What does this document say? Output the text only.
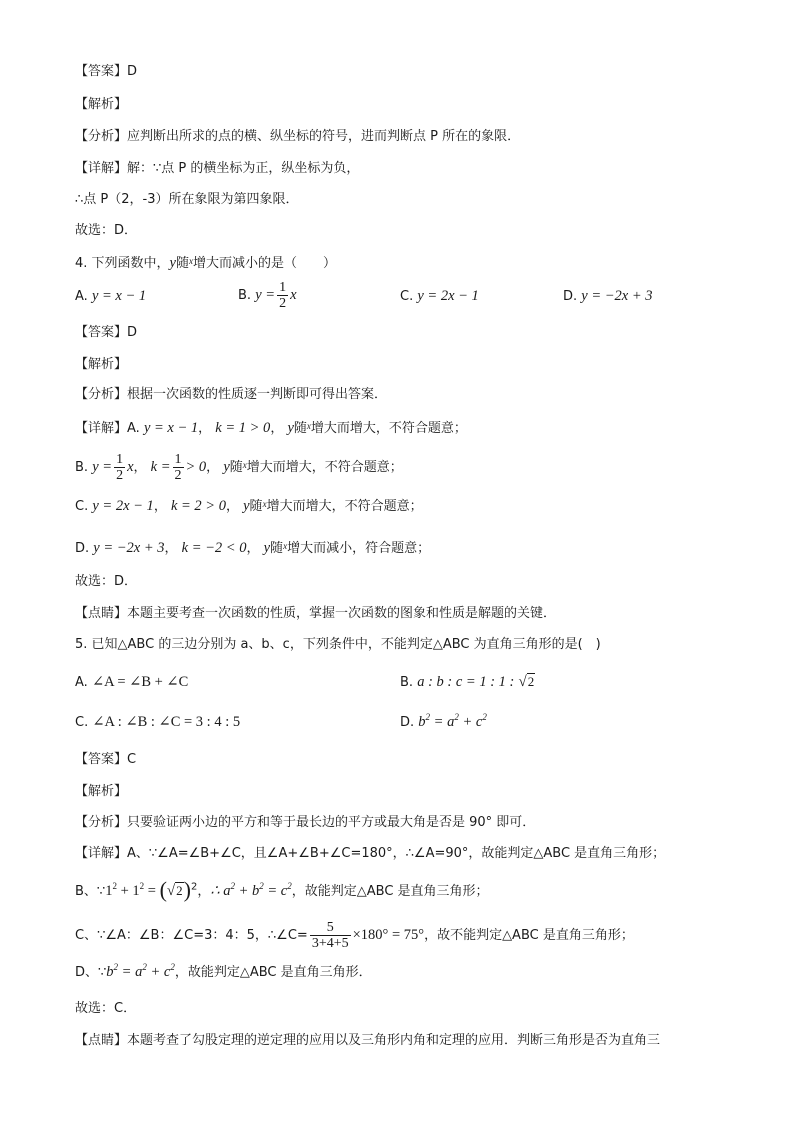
【答案】D
【解析】
【分析】应判断出所求的点的横、纵坐标的符号，进而判断点 P 所在的象限．
【详解】解：∵点 P 的横坐标为正，纵坐标为负，
∴点 P（2，-3）所在象限为第四象限．
故选：D．
4. 下列函数中，y随$^x$增大而减小的是（　　）
A. y = x − 1	B. $y = \frac{1}{2}$ x	C. y = 2x − 1	D. y = −2x + 3
【答案】D
【解析】
【分析】根据一次函数的性质逐一判断即可得出答案．
【详解】A. y = x − 1， k = 1 > 0， y随$^x$增大而增大，不符合题意；
B. $y = \frac{1}{2}$ x， $k = \frac{1}{2} > 0$， y随$^x$增大而增大，不符合题意；
C. y = 2x − 1， k = 2 > 0， y随$^x$增大而增大，不符合题意；
D. y = −2x + 3， k = −2 < 0， y随$^x$增大而减小，符合题意；
故选：D．
【点睛】本题主要考查一次函数的性质，掌握一次函数的图象和性质是解题的关键．
5. 已知△ABC 的三边分别为 a、b、c，下列条件中，不能判定△ABC 为直角三角形的是(　)
A. ∠A = ∠B + ∠C	B. a : b : c = 1 : 1 : √2
C. ∠A : ∠B : ∠C = 3 : 4 : 5	D. $b^2 = a^2 + c^2$
【答案】C
【解析】
【分析】只要验证两小边的平方和等于最长边的平方或最大角是否是 90° 即可．
【详解】A、∵∠A=∠B+∠C，且∠A+∠B+∠C=180°，∴∠A=90°，故能判定△ABC 是直角三角形；
B、$\because 1^2 + 1^2 = (√2)^2$，∴ $a^2 + b^2 = c^2$，故能判定△ABC 是直角三角形；
C、∵∠A：∠B：∠C=3：4：5，∴∠C= $\frac{5}{3+4+5} \times 180^\circ = 75^\circ$，故不能判定△ABC 是直角三角形；
D、$\because b^2 = a^2 + c^2$，故能判定△ABC 是直角三角形．
故选：C．
【点睛】本题考查了勾股定理的逆定理的应用以及三角形内角和定理的应用．判断三角形是否为直角三
